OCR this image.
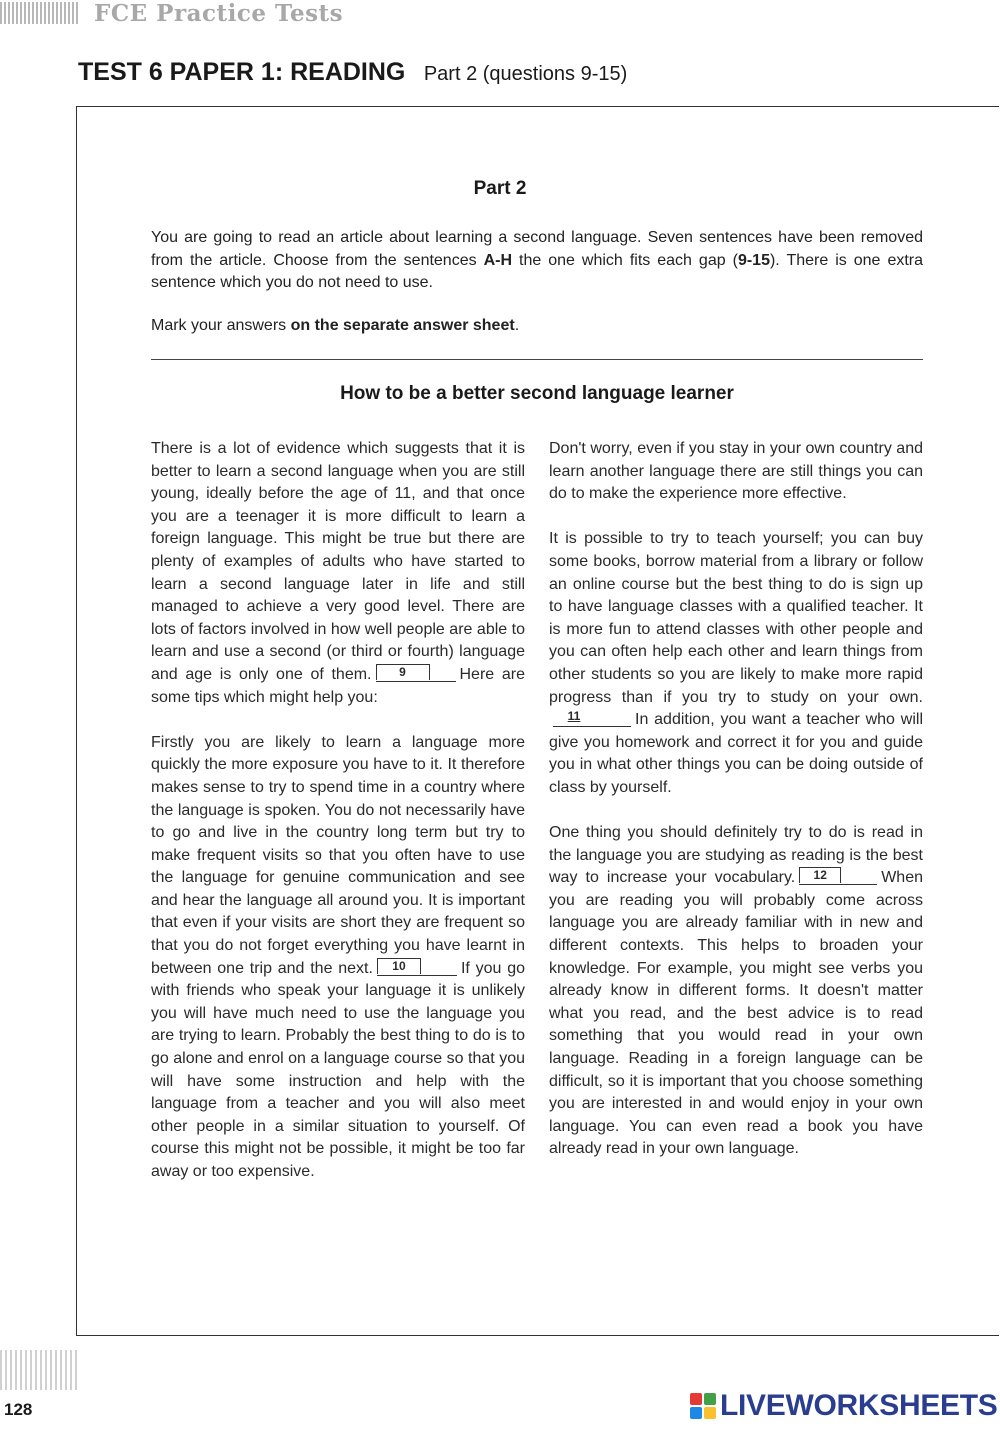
FCE Practice Tests
TEST 6 PAPER 1: READING Part 2 (questions 9-15)
Part 2
You are going to read an article about learning a second language. Seven sentences have been removed from the article. Choose from the sentences A-H the one which fits each gap (9-15). There is one extra sentence which you do not need to use.
Mark your answers on the separate answer sheet.
How to be a better second language learner

There is a lot of evidence which suggests that it is better to learn a second language when you are still young, ideally before the age of 11, and that once you are a teenager it is more difficult to learn a foreign language. This might be true but there are plenty of examples of adults who have started to learn a second language later in life and still managed to achieve a very good level. There are lots of factors involved in how well people are able to learn and use a second (or third or fourth) language and age is only one of them.	9	Here are some tips which might help you:

Firstly you are likely to learn a language more quickly the more exposure you have to it. It therefore makes sense to try to spend time in a country where the language is spoken. You do not necessarily have to go and live in the country long term but try to make frequent visits so that you often have to use the language for genuine communication and see and hear the language all around you. It is important that even if your visits are short they are frequent so that you do not forget everything you have learnt in between one trip and the next.	10	If you go with friends who speak your language it is unlikely you will have much need to use the language you are trying to learn. Probably the best thing to do is to go alone and enrol on a language course so that you will have some instruction and help with the language from a teacher and you will also meet other people in a similar situation to yourself. Of course this might not be possible, it might be too far away or too expensive.

Don't worry, even if you stay in your own country and learn another language there are still things you can do to make the experience more effective.

It is possible to try to teach yourself; you can buy some books, borrow material from a library or follow an online course but the best thing to do is sign up to have language classes with a qualified teacher. It is more fun to attend classes with other people and you can often help each other and learn things from other students so you are likely to make more rapid progress than if you try to study on your own.
11	In addition, you want a teacher who will give you homework and correct it for you and guide you in what other things you can be doing outside of class by yourself.

One thing you should definitely try to do is read in the language you are studying as reading is the best way to increase your vocabulary.	12	When you are reading you will probably come across language you are already familiar with in new and different contexts. This helps to broaden your knowledge. For example, you might see verbs you already know in different forms. It doesn't matter what you read, and the best advice is to read something that you would read in your own language. Reading in a foreign language can be difficult, so it is important that you choose something you are interested in and would enjoy in your own language. You can even read a book you have already read in your own language.

128	LIVEWORKSHEETS
